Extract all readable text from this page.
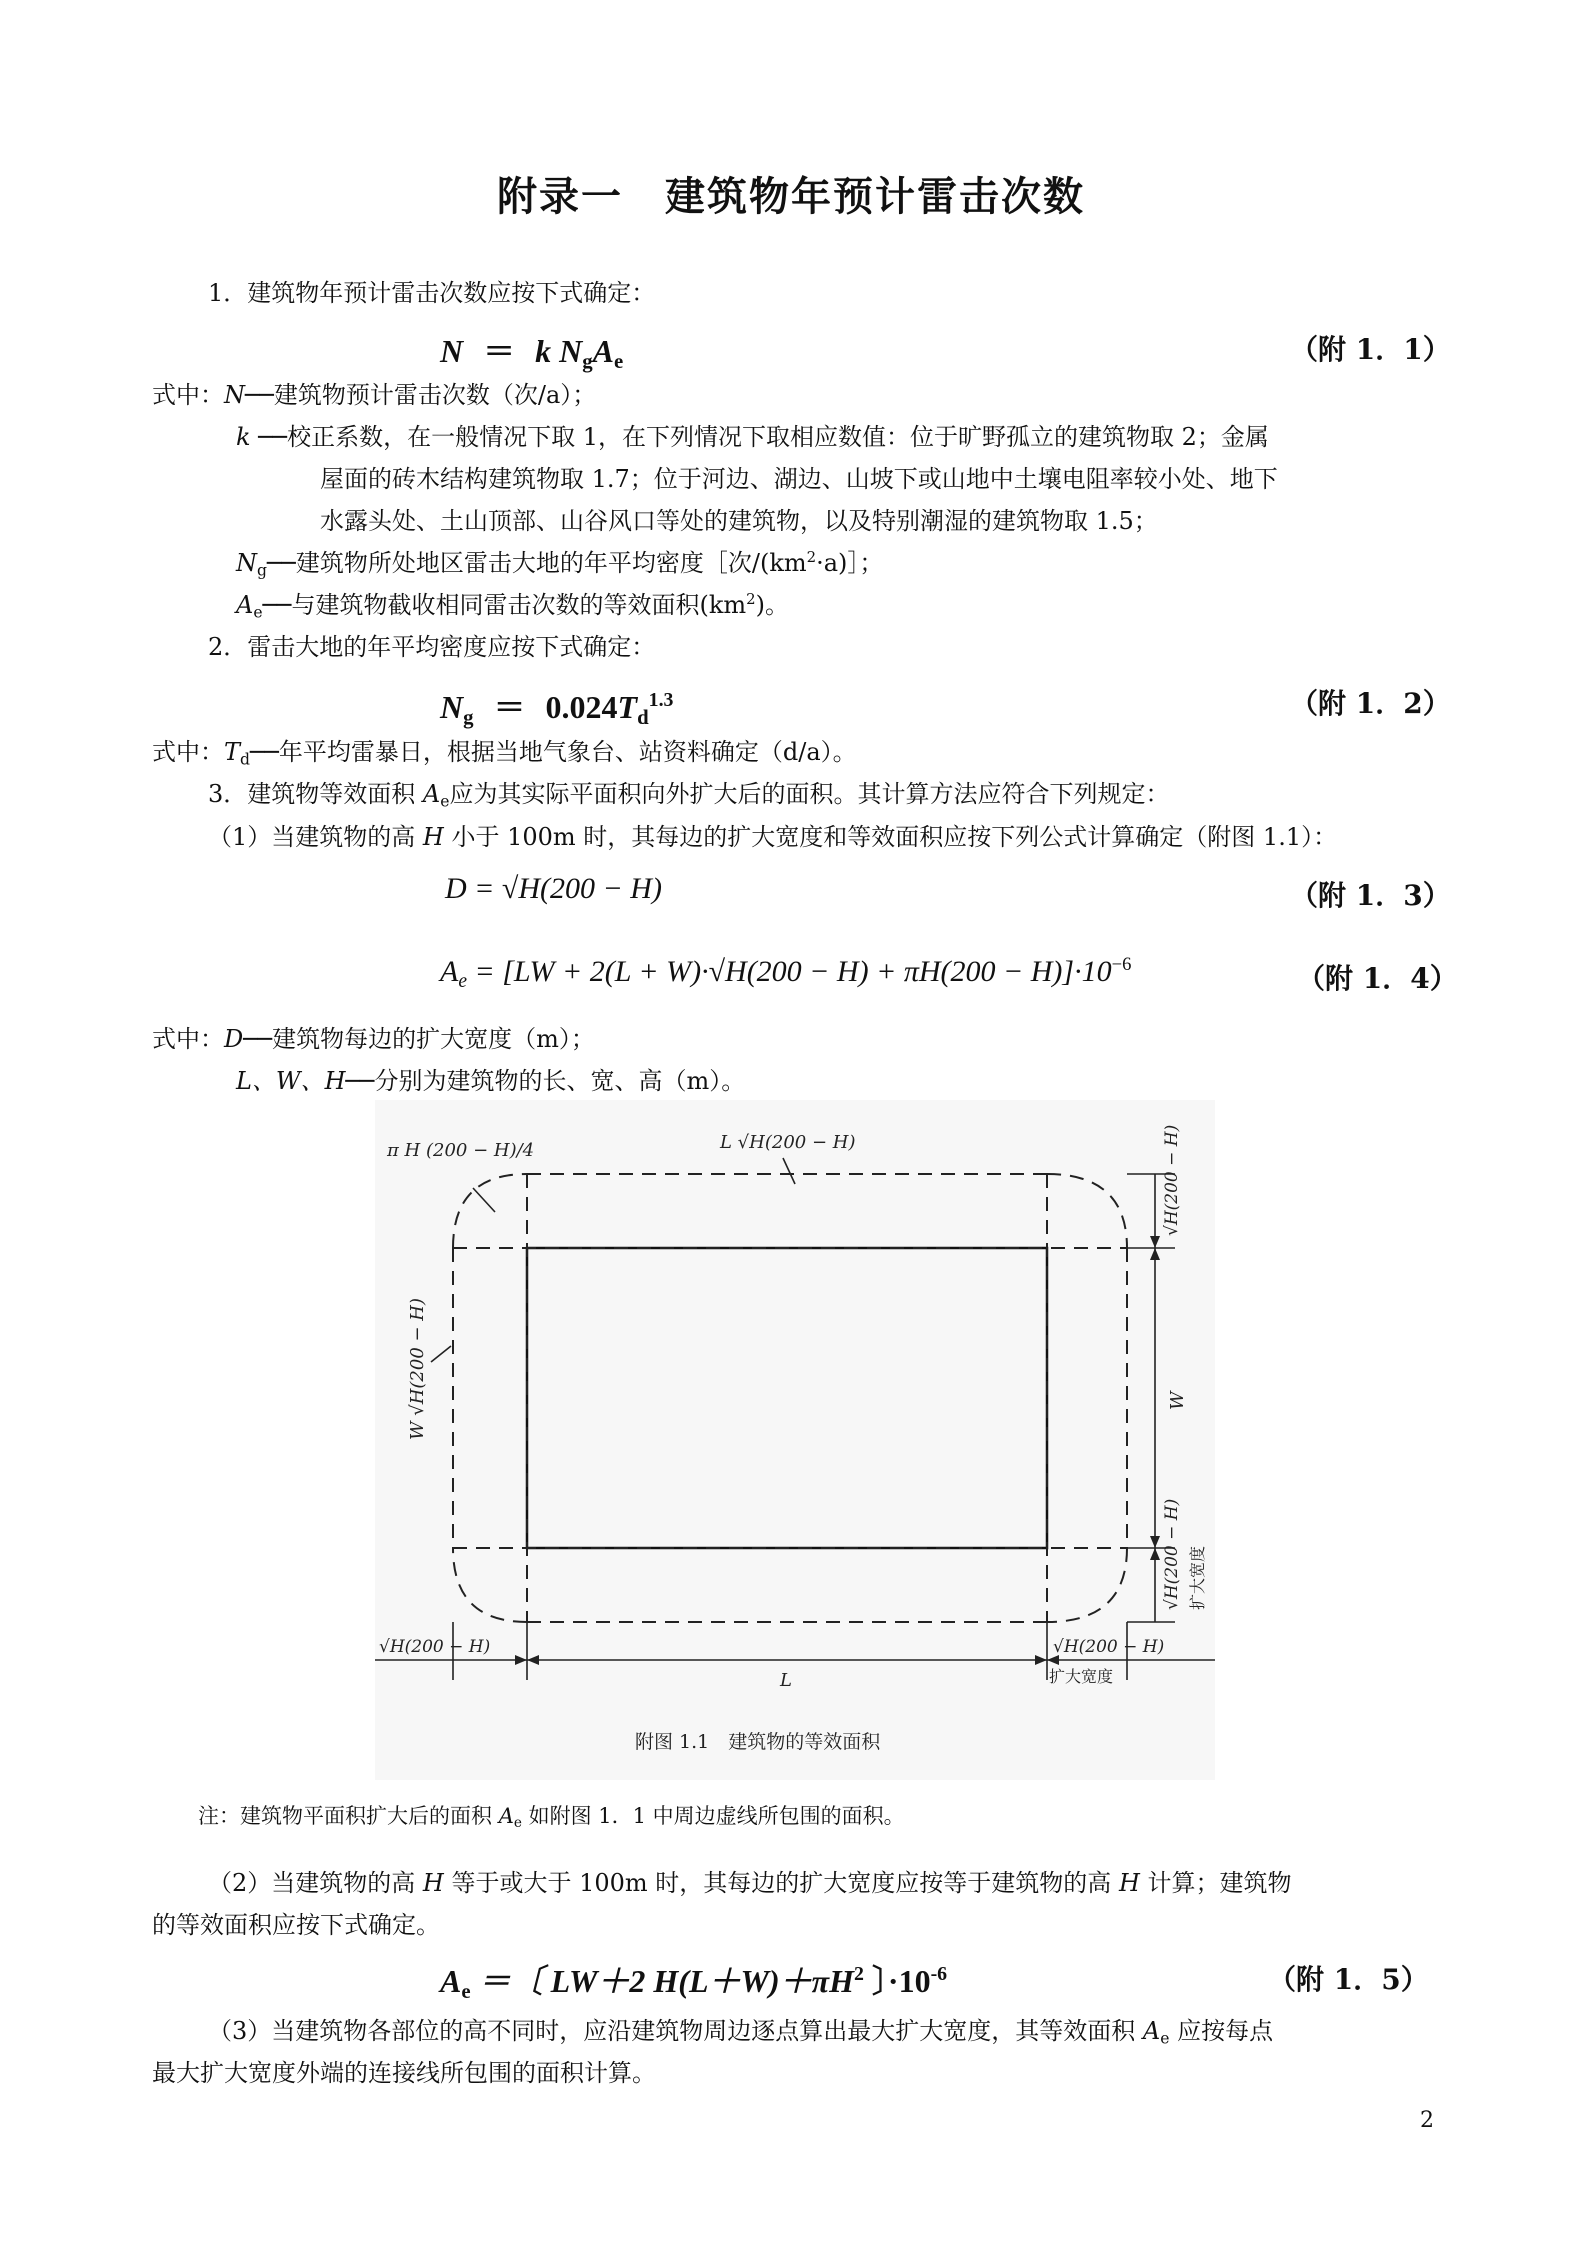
附录一　建筑物年预计雷击次数
1．建筑物年预计雷击次数应按下式确定：
N ＝ k $N_gA_e$	（附 1．1）
式中：N──建筑物预计雷击次数（次/a）；
k ──校正系数，在一般情况下取 1，在下列情况下取相应数值：位于旷野孤立的建筑物取 2；金属
屋面的砖木结构建筑物取 1.7；位于河边、湖边、山坡下或山地中土壤电阻率较小处、地下
水露头处、土山顶部、山谷风口等处的建筑物，以及特别潮湿的建筑物取 1.5；
$N_g──$建筑物所处地区雷击大地的年平均密度［次$/(km^2\cdot a)]$；
$A_e──$与建筑物截收相同雷击次数的等效面积$(km^2)$。
2．雷击大地的年平均密度应按下式确定：
$N_g = 0.024T_d^{1.3}$	（附 1．2）
式中：$T_d──$年平均雷暴日，根据当地气象台、站资料确定（d/a）。
3．建筑物等效面积 $A_e$应为其实际平面积向外扩大后的面积。其计算方法应符合下列规定：
（1）当建筑物的高 H 小于 100m 时，其每边的扩大宽度和等效面积应按下列公式计算确定（附图 1.1）：
D = √H(200 − H)	（附 1．3）
$A_e = [LW + 2(L + W)\cdot√H(200 - H) + \pi H(200 - H)]\cdot 10^{-6}$	（附 1．4）
式中：D──建筑物每边的扩大宽度（m）；
L、W、H──分别为建筑物的长、宽、高（m）。
π H (200 − H)/4	L √H(200 − H)
W √H(200 − H)
√H(200 − H)
W
√H(200 − H) 扩大宽度
√H(200 − H)
L
√H(200 − H)
扩大宽度
附图 1.1　建筑物的等效面积
注：建筑物平面积扩大后的面积 $A_e$ 如附图 1．1 中周边虚线所包围的面积。
（2）当建筑物的高 H 等于或大于 100m 时，其每边的扩大宽度应按等于建筑物的高 H 计算；建筑物
的等效面积应按下式确定。
$A_e$ ＝〔 LW＋2 $H(L+W)+\pi H^2$ 〕$\cdot 10^{-6}$	（附 1．5）
（3）当建筑物各部位的高不同时，应沿建筑物周边逐点算出最大扩大宽度，其等效面积 $A_e$ 应按每点
最大扩大宽度外端的连接线所包围的面积计算。
2
